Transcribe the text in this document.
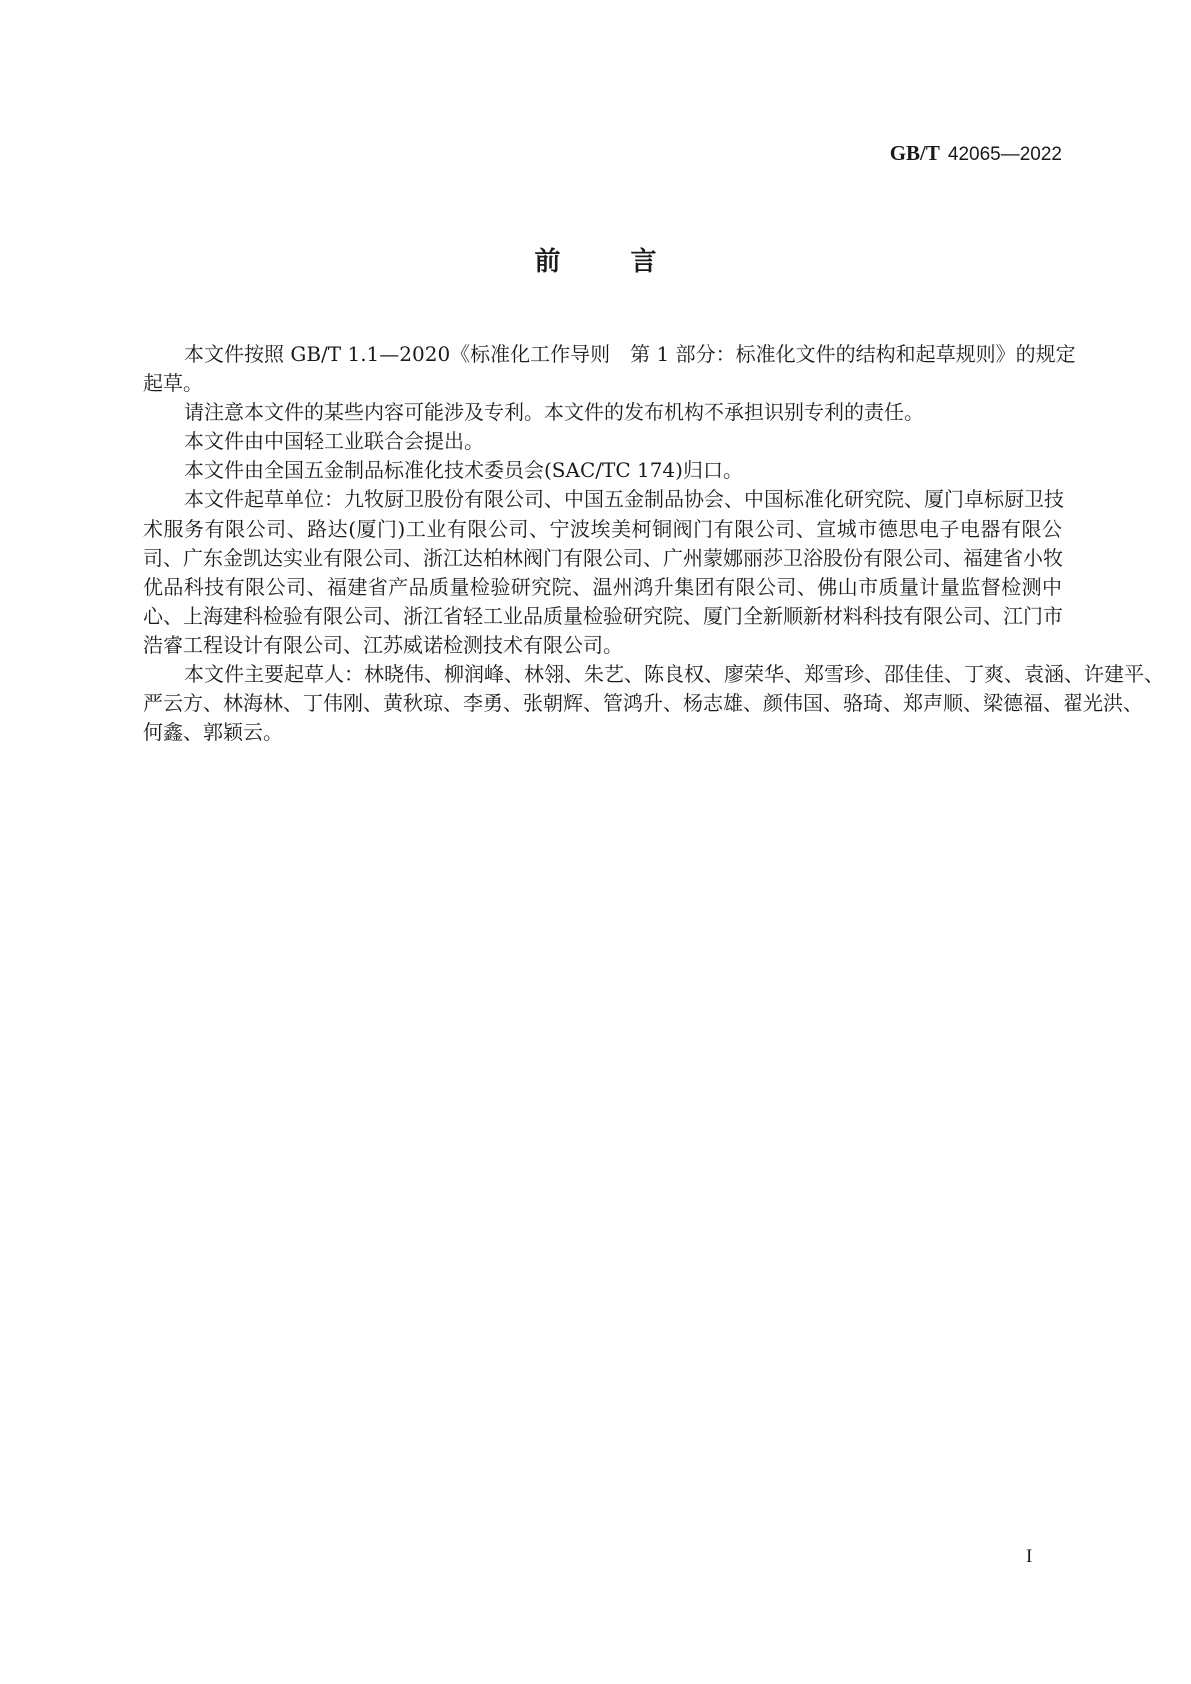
GB/T 42065—2022
前	言
本文件按照 GB/T 1.1—2020《标准化工作导则　第 1 部分：标准化文件的结构和起草规则》的规定
起草。
请注意本文件的某些内容可能涉及专利。本文件的发布机构不承担识别专利的责任。
本文件由中国轻工业联合会提出。
本文件由全国五金制品标准化技术委员会(SAC/TC 174)归口。
本文件起草单位：九牧厨卫股份有限公司、中国五金制品协会、中国标准化研究院、厦门卓标厨卫技
术服务有限公司、路达(厦门)工业有限公司、宁波埃美柯铜阀门有限公司、宣城市德思电子电器有限公
司、广东金凯达实业有限公司、浙江达柏林阀门有限公司、广州蒙娜丽莎卫浴股份有限公司、福建省小牧
优品科技有限公司、福建省产品质量检验研究院、温州鸿升集团有限公司、佛山市质量计量监督检测中
心、上海建科检验有限公司、浙江省轻工业品质量检验研究院、厦门全新顺新材料科技有限公司、江门市
浩睿工程设计有限公司、江苏威诺检测技术有限公司。
本文件主要起草人：林晓伟、柳润峰、林翎、朱艺、陈良权、廖荣华、郑雪珍、邵佳佳、丁爽、袁涵、许建平、
严云方、林海林、丁伟刚、黄秋琼、李勇、张朝辉、管鸿升、杨志雄、颜伟国、骆琦、郑声顺、梁德福、翟光洪、
何鑫、郭颖云。
I
